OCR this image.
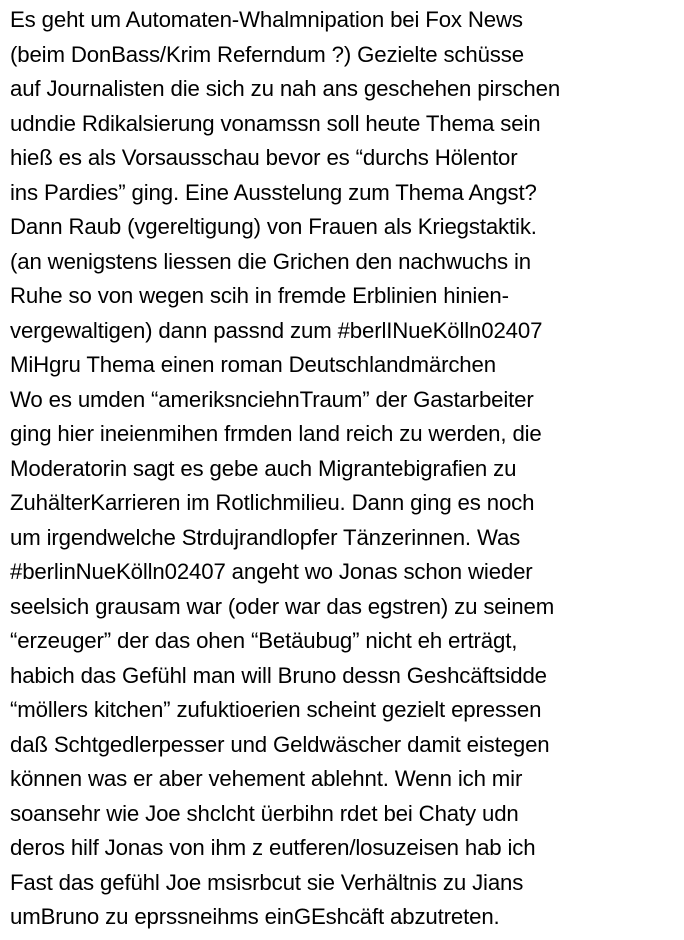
Es geht um Automaten-Whalmnipation bei Fox News
(beim DonBass/Krim Referndum ?) Gezielte schüsse
auf Journalisten die sich zu nah ans geschehen pirschen
udndie Rdikalsierung vonamssn soll heute Thema sein
hieß es als Vorsausschau bevor es “durchs Hölentor
ins Pardies” ging. Eine Ausstelung zum Thema Angst?
Dann Raub (vgereltigung) von Frauen als Kriegstaktik.
(an wenigstens liessen die Grichen den nachwuchs in
Ruhe so von wegen scih in fremde Erblinien hinien-
vergewaltigen) dann passnd zum #berlINueKölln02407
MiHgru Thema einen roman Deutschlandmärchen
Wo es umden “ameriksnciehnTraum” der Gastarbeiter
ging hier ineienmihen frmden land reich zu werden, die
Moderatorin sagt es gebe auch Migrantebigrafien zu
ZuhälterKarrieren im Rotlichmilieu. Dann ging es noch
um irgendwelche Strdujrandlopfer Tänzerinnen. Was
#berlinNueKölln02407 angeht wo Jonas schon wieder
seelsich grausam war (oder war das egstren) zu seinem
“erzeuger” der das ohen “Betäubug” nicht eh erträgt,
habich das Gefühl man will Bruno dessn Geshcäftsidde
“möllers kitchen” zufuktioerien scheint gezielt epressen
daß Schtgedlerpesser und Geldwäscher damit eistegen
können was er aber vehement ablehnt. Wenn ich mir
soansehr wie Joe shclcht üerbihn rdet bei Chaty udn
deros hilf Jonas von ihm z eutferen/losuzeisen hab ich
Fast das gefühl Joe msisrbcut sie Verhältnis zu Jians
umBruno zu eprssneihms einGEshcäft abzutreten.
